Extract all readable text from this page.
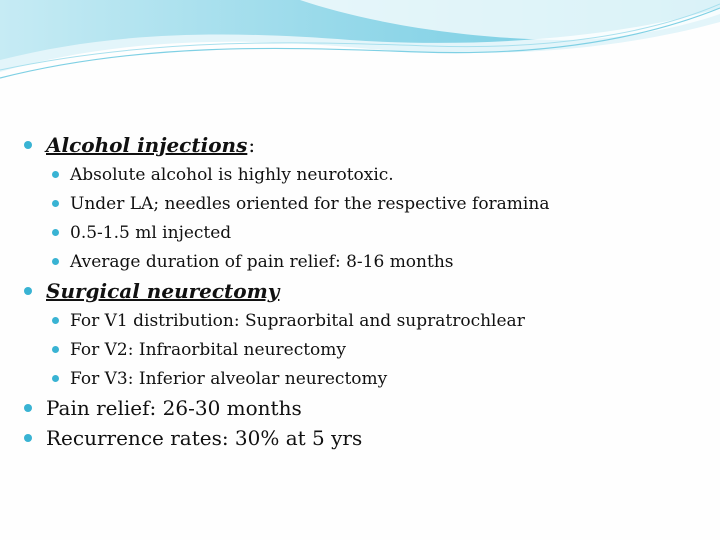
Alcohol injections :
Absolute alcohol is highly neurotoxic.
Under LA; needles oriented for the respective foramina
0.5-1.5 ml injected
Average duration of pain relief: 8-16 months
Surgical neurectomy
For V1 distribution: Supraorbital and supratrochlear
For V2: Infraorbital neurectomy
For V3: Inferior alveolar neurectomy
Pain relief: 26-30 months
Recurrence rates: 30% at 5 yrs
